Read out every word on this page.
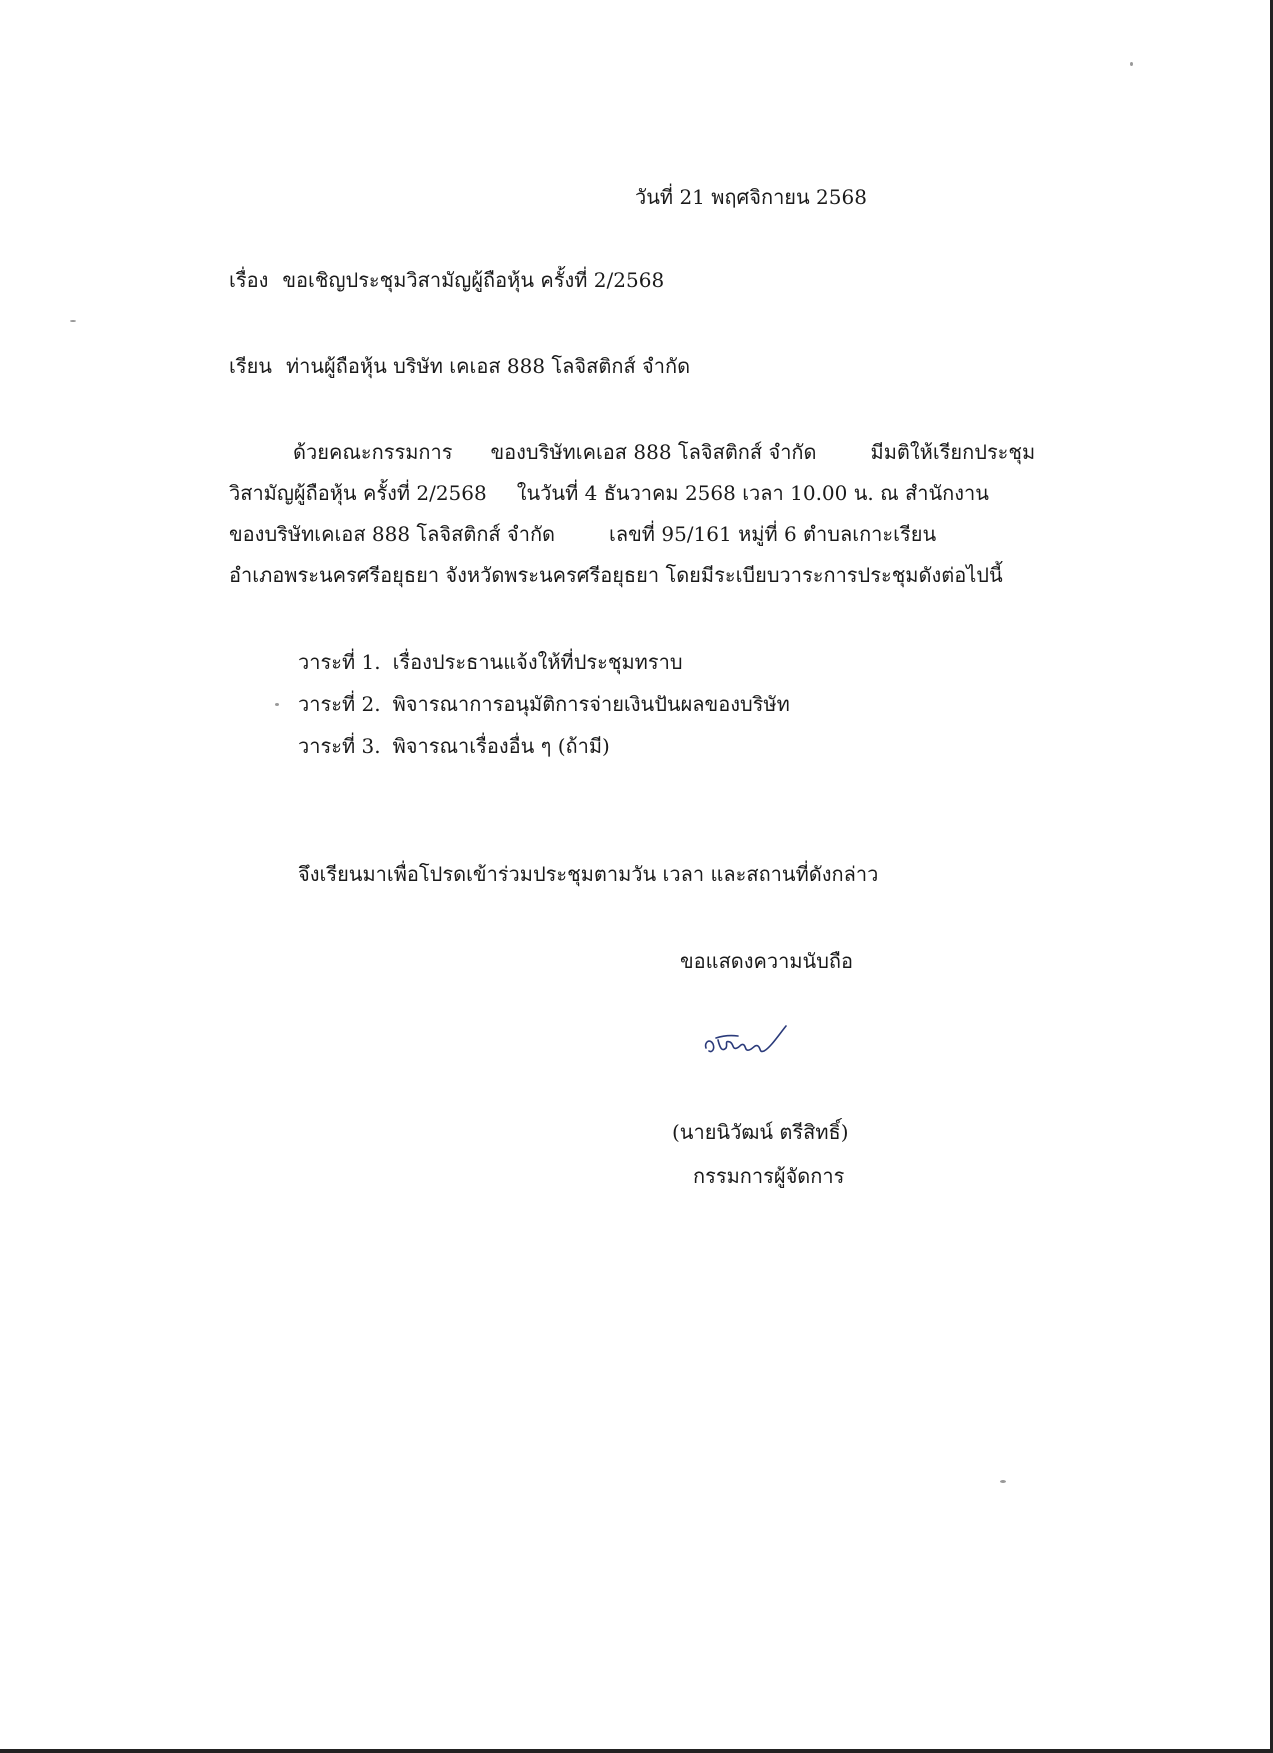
วันที่ 21 พฤศจิกายน 2568
เรื่อง ขอเชิญประชุมวิสามัญผู้ถือหุ้น ครั้งที่ 2/2568
เรียน ท่านผู้ถือหุ้น บริษัท เคเอส 888 โลจิสติกส์ จำกัด
ด้วยคณะกรรมการ ของบริษัทเคเอส 888 โลจิสติกส์ จำกัด	มีมติให้เรียกประชุม
วิสามัญผู้ถือหุ้น ครั้งที่ 2/2568 ในวันที่ 4 ธันวาคม 2568 เวลา 10.00 น. ณ สำนักงาน
ของบริษัทเคเอส 888 โลจิสติกส์ จำกัด	เลขที่ 95/161 หมู่ที่ 6 ตำบลเกาะเรียน
อำเภอพระนครศรีอยุธยา จังหวัดพระนครศรีอยุธยา โดยมีระเบียบวาระการประชุมดังต่อไปนี้
วาระที่ 1. เรื่องประธานแจ้งให้ที่ประชุมทราบ
วาระที่ 2. พิจารณาการอนุมัติการจ่ายเงินปันผลของบริษัท
วาระที่ 3. พิจารณาเรื่องอื่น ๆ (ถ้ามี)
จึงเรียนมาเพื่อโปรดเข้าร่วมประชุมตามวัน เวลา และสถานที่ดังกล่าว
ขอแสดงความนับถือ
(นายนิวัฒน์ ตรีสิทธิ์)
กรรมการผู้จัดการ
